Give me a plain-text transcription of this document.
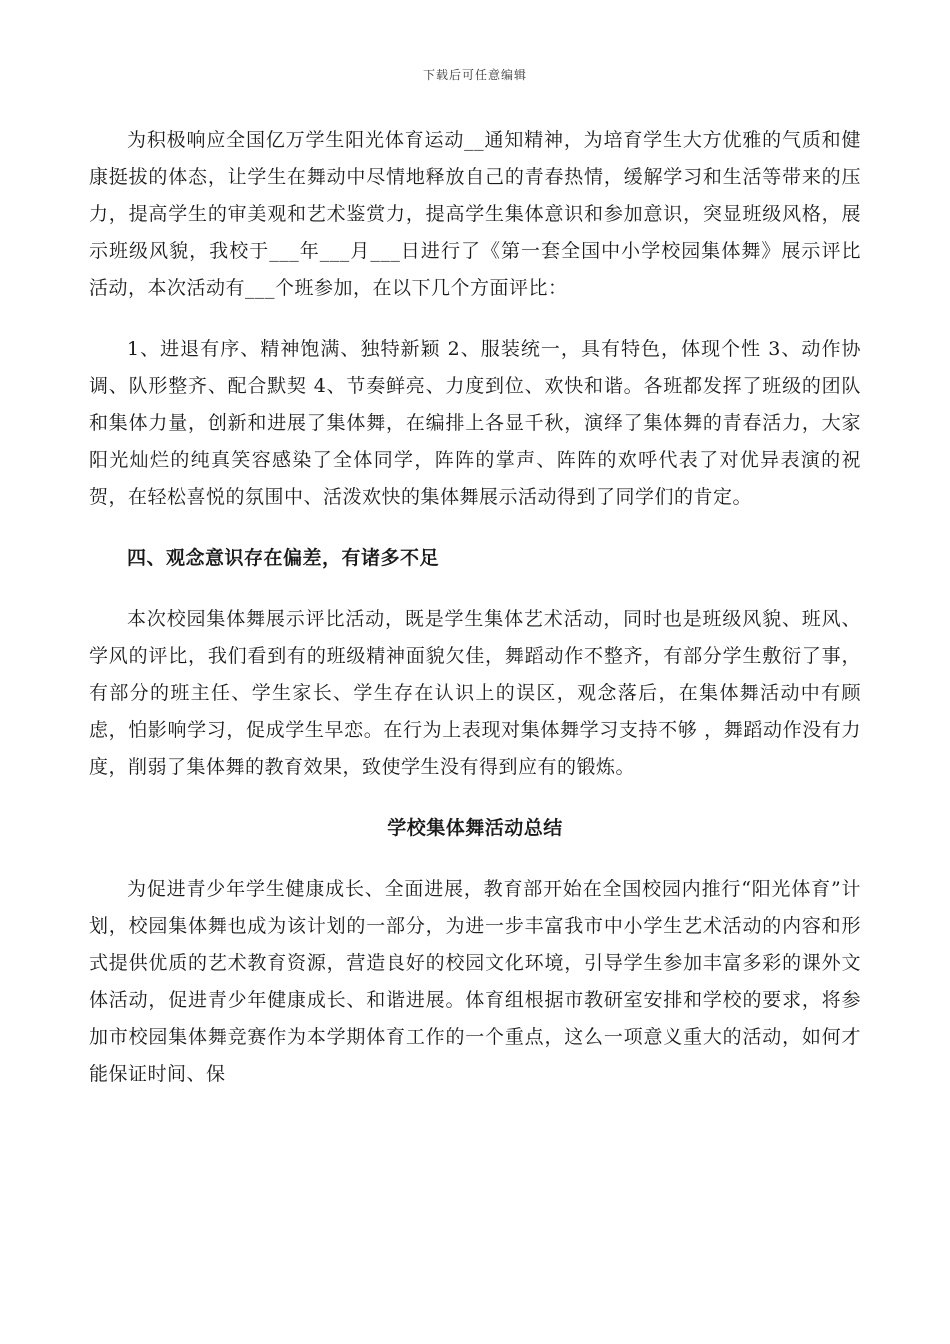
下载后可任意编辑

为积极响应全国亿万学生阳光体育运动__通知精神，为培育学生大方优雅的气质和健康挺拔的体态，让学生在舞动中尽情地释放自己的青春热情，缓解学习和生活等带来的压力，提高学生的审美观和艺术鉴赏力，提高学生集体意识和参加意识，突显班级风格，展示班级风貌，我校于___年___月___日进行了《第一套全国中小学校园集体舞》展示评比活动，本次活动有___个班参加，在以下几个方面评比：

1、进退有序、精神饱满、独特新颖 2、服装统一，具有特色，体现个性 3、动作协调、队形整齐、配合默契 4、节奏鲜亮、力度到位、欢快和谐。各班都发挥了班级的团队和集体力量，创新和进展了集体舞，在编排上各显千秋，演绎了集体舞的青春活力，大家阳光灿烂的纯真笑容感染了全体同学，阵阵的掌声、阵阵的欢呼代表了对优异表演的祝贺，在轻松喜悦的氛围中、活泼欢快的集体舞展示活动得到了同学们的肯定。

四、观念意识存在偏差，有诸多不足

本次校园集体舞展示评比活动，既是学生集体艺术活动，同时也是班级风貌、班风、学风的评比，我们看到有的班级精神面貌欠佳，舞蹈动作不整齐，有部分学生敷衍了事，有部分的班主任、学生家长、学生存在认识上的误区，观念落后，在集体舞活动中有顾虑，怕影响学习，促成学生早恋。在行为上表现对集体舞学习支持不够 ，舞蹈动作没有力度，削弱了集体舞的教育效果，致使学生没有得到应有的锻炼。

学校集体舞活动总结

为促进青少年学生健康成长、全面进展，教育部开始在全国校园内推行“阳光体育”计划，校园集体舞也成为该计划的一部分，为进一步丰富我市中小学生艺术活动的内容和形式提供优质的艺术教育资源，营造良好的校园文化环境，引导学生参加丰富多彩的课外文体活动，促进青少年健康成长、和谐进展。体育组根据市教研室安排和学校的要求，将参加市校园集体舞竞赛作为本学期体育工作的一个重点，这么一项意义重大的活动，如何才能保证时间、保
